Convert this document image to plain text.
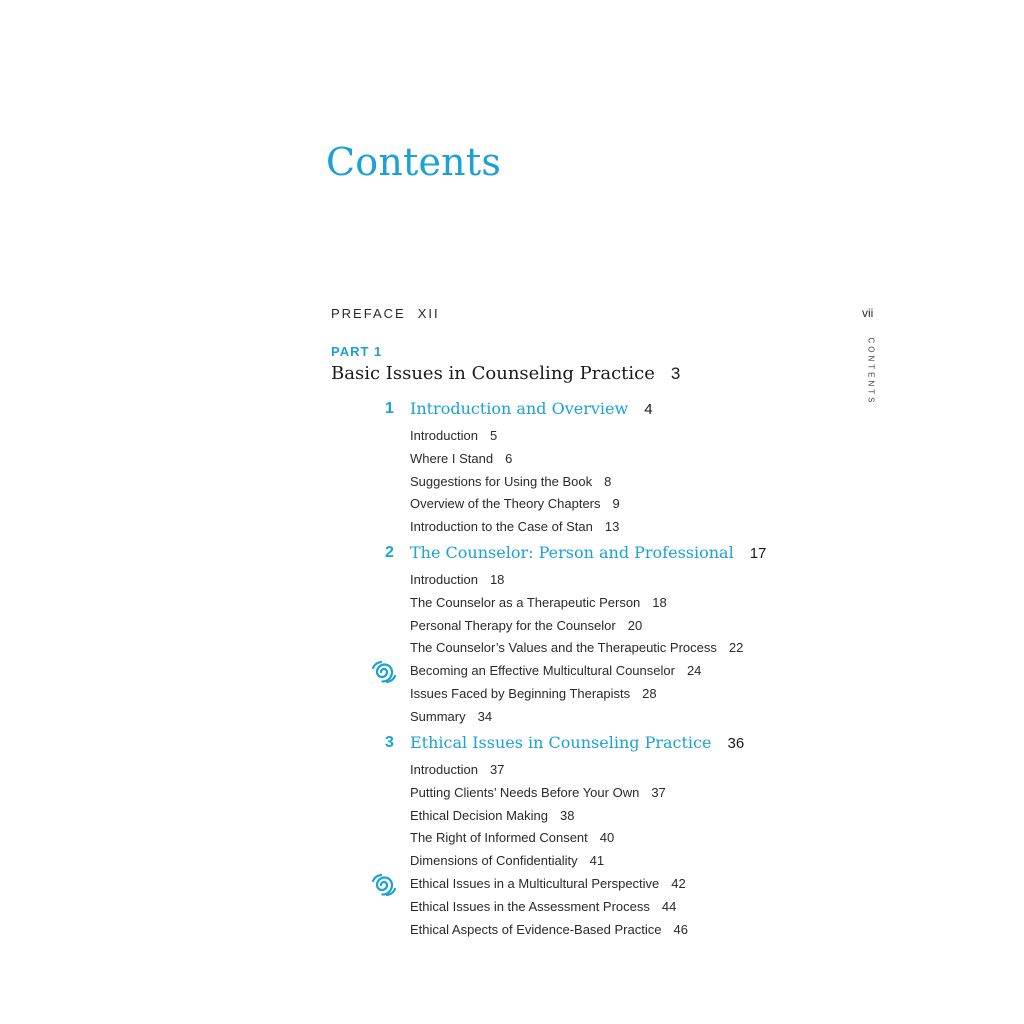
Contents
PREFACE XII	vii
CONTENTS
PART 1
Basic Issues in Counseling Practice 3
1 Introduction and Overview 4
Introduction 5
Where I Stand 6
Suggestions for Using the Book 8
Overview of the Theory Chapters 9
Introduction to the Case of Stan 13
2 The Counselor: Person and Professional 17
Introduction 18
The Counselor as a Therapeutic Person 18
Personal Therapy for the Counselor 20
The Counselor’s Values and the Therapeutic Process 22
Becoming an Effective Multicultural Counselor 24
Issues Faced by Beginning Therapists 28
Summary 34
3 Ethical Issues in Counseling Practice 36
Introduction 37
Putting Clients’ Needs Before Your Own 37
Ethical Decision Making 38
The Right of Informed Consent 40
Dimensions of Confidentiality 41
Ethical Issues in a Multicultural Perspective 42
Ethical Issues in the Assessment Process 44
Ethical Aspects of Evidence-Based Practice 46
